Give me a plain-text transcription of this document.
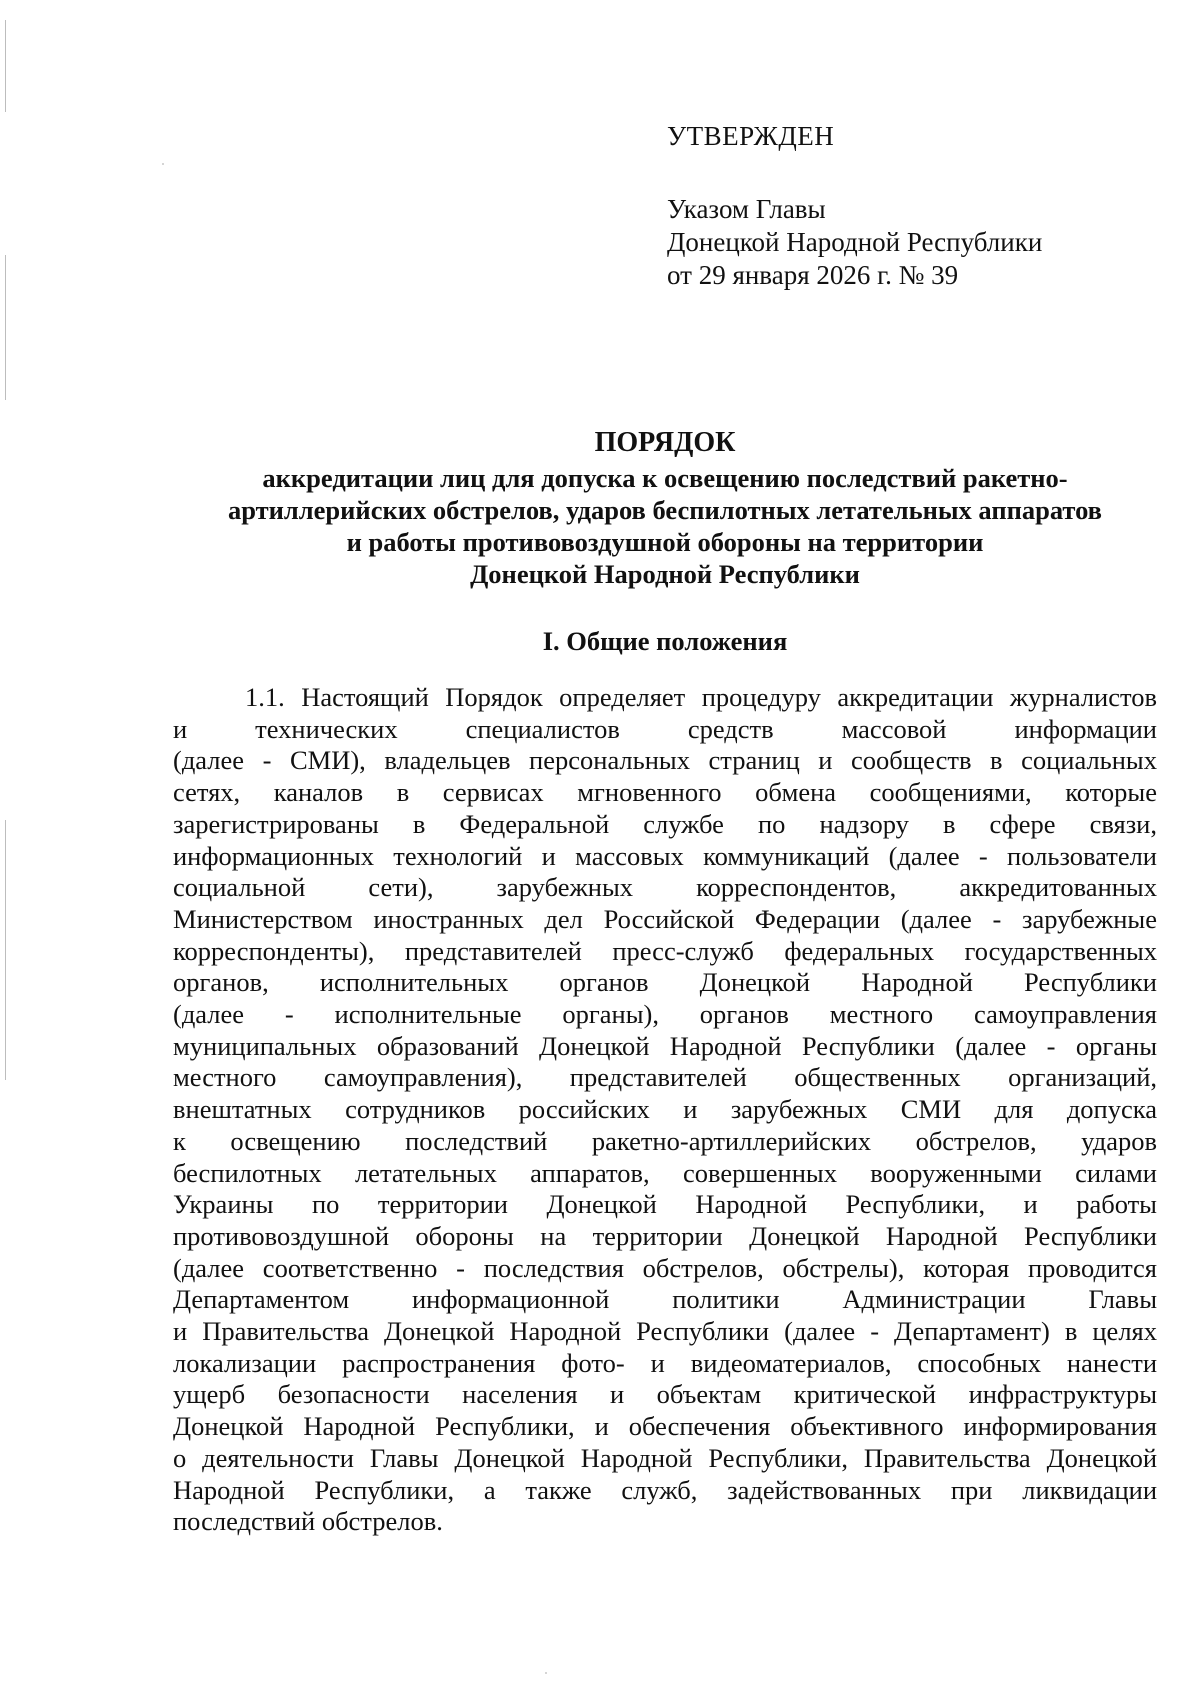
УТВЕРЖДЕН

Указом Главы

Донецкой Народной Республики

от 29 января 2026 г. № 39

ПОРЯДОК

аккредитации лиц для допуска к освещению последствий ракетно-

артиллерийских обстрелов, ударов беспилотных летательных аппаратов

и работы противовоздушной обороны на территории

Донецкой Народной Республики

I. Общие положения

1.1. Настоящий Порядок определяет процедуру аккредитации журналистов
и технических специалистов средств массовой информации
(далее - СМИ), владельцев персональных страниц и сообществ в социальных
сетях, каналов в сервисах мгновенного обмена сообщениями, которые
зарегистрированы в Федеральной службе по надзору в сфере связи,
информационных технологий и массовых коммуникаций (далее - пользователи
социальной сети), зарубежных корреспондентов, аккредитованных
Министерством иностранных дел Российской Федерации (далее - зарубежные
корреспонденты), представителей пресс-служб федеральных государственных
органов, исполнительных органов Донецкой Народной Республики
(далее - исполнительные органы), органов местного самоуправления
муниципальных образований Донецкой Народной Республики (далее - органы
местного самоуправления), представителей общественных организаций,
внештатных сотрудников российских и зарубежных СМИ для допуска
к освещению последствий ракетно-артиллерийских обстрелов, ударов
беспилотных летательных аппаратов, совершенных вооруженными силами
Украины по территории Донецкой Народной Республики, и работы
противовоздушной обороны на территории Донецкой Народной Республики
(далее соответственно - последствия обстрелов, обстрелы), которая проводится
Департаментом информационной политики Администрации Главы
и Правительства Донецкой Народной Республики (далее - Департамент) в целях
локализации распространения фото- и видеоматериалов, способных нанести
ущерб безопасности населения и объектам критической инфраструктуры
Донецкой Народной Республики, и обеспечения объективного информирования
о деятельности Главы Донецкой Народной Республики, Правительства Донецкой
Народной Республики, а также служб, задействованных при ликвидации
последствий обстрелов.
